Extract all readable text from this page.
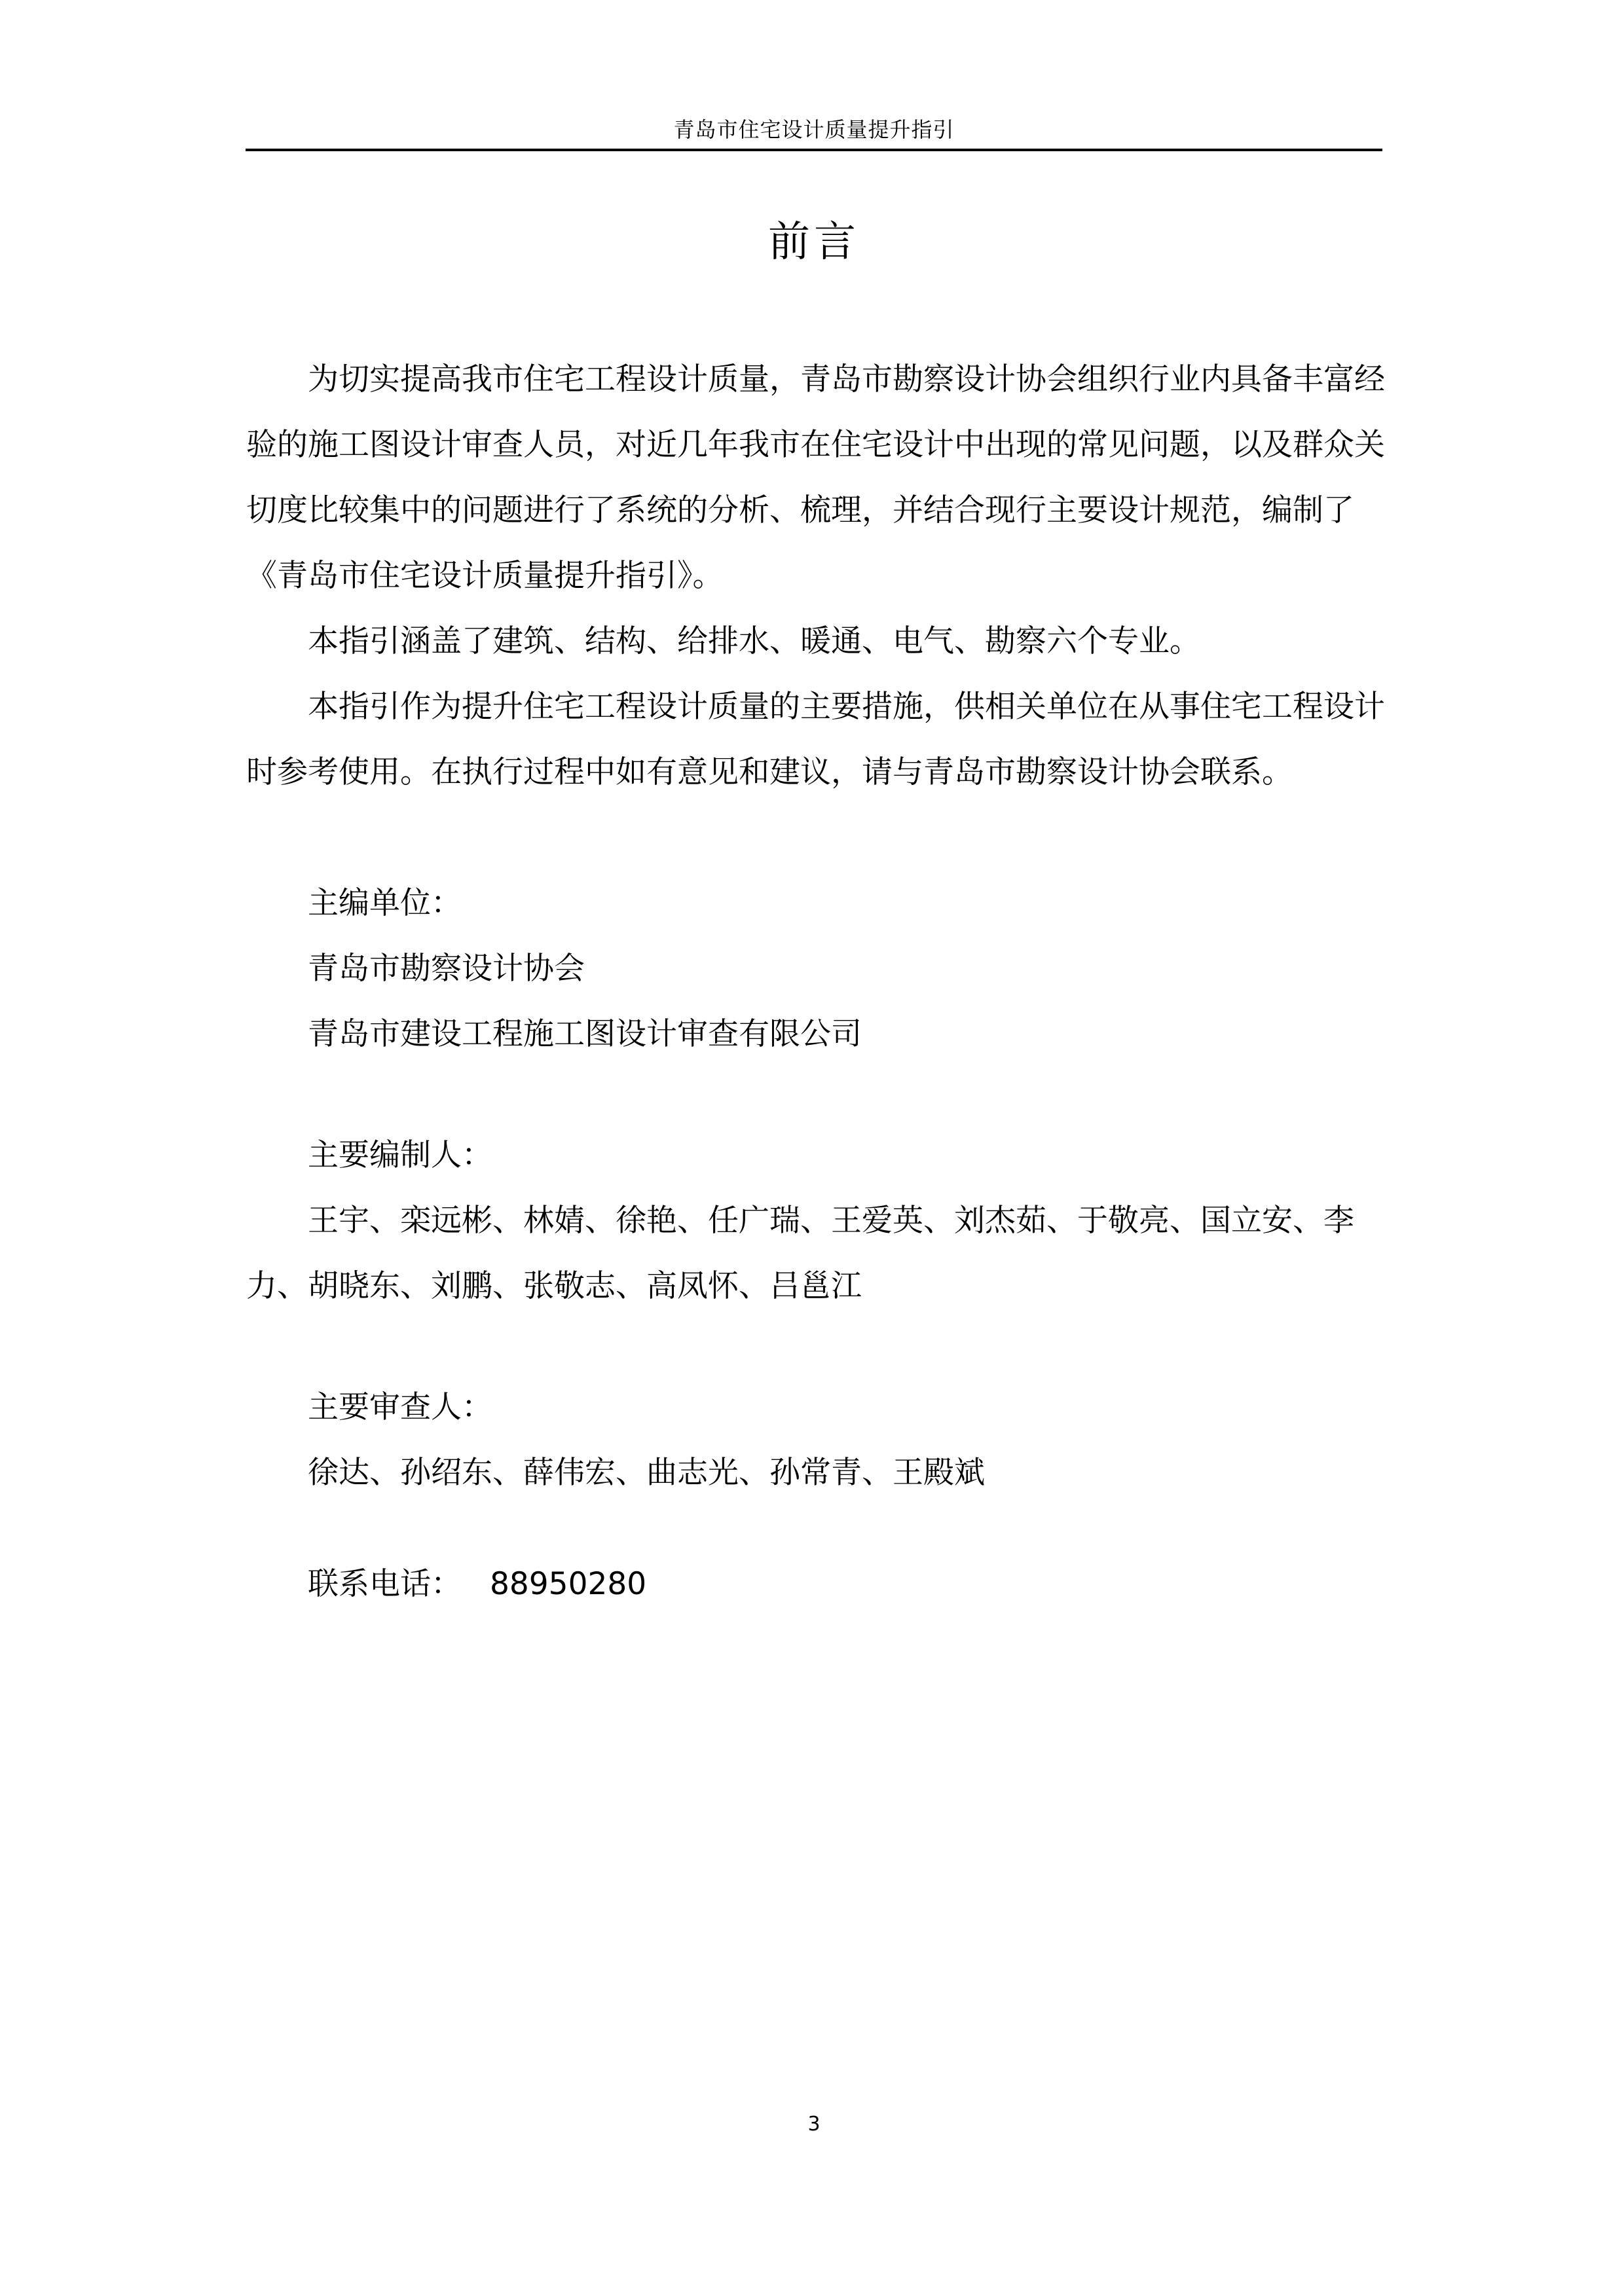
青岛市住宅设计质量提升指引
前言

为切实提高我市住宅工程设计质量，青岛市勘察设计协会组织行业内具备丰富经验的施工图设计审查人员，对近几年我市在住宅设计中出现的常见问题，以及群众关切度比较集中的问题进行了系统的分析、梳理，并结合现行主要设计规范，编制了《青岛市住宅设计质量提升指引》。

本指引涵盖了建筑、结构、给排水、暖通、电气、勘察六个专业。

本指引作为提升住宅工程设计质量的主要措施，供相关单位在从事住宅工程设计时参考使用。在执行过程中如有意见和建议，请与青岛市勘察设计协会联系。

主编单位：
青岛市勘察设计协会
青岛市建设工程施工图设计审查有限公司
主要编制人：

王宇、栾远彬、林婧、徐艳、任广瑞、王爱英、刘杰茹、于敬亮、国立安、李力、胡晓东、刘鹏、张敬志、高凤怀、吕邕江

主要审查人：
徐达、孙绍东、薛伟宏、曲志光、孙常青、王殿斌
联系电话： 88950280
3
